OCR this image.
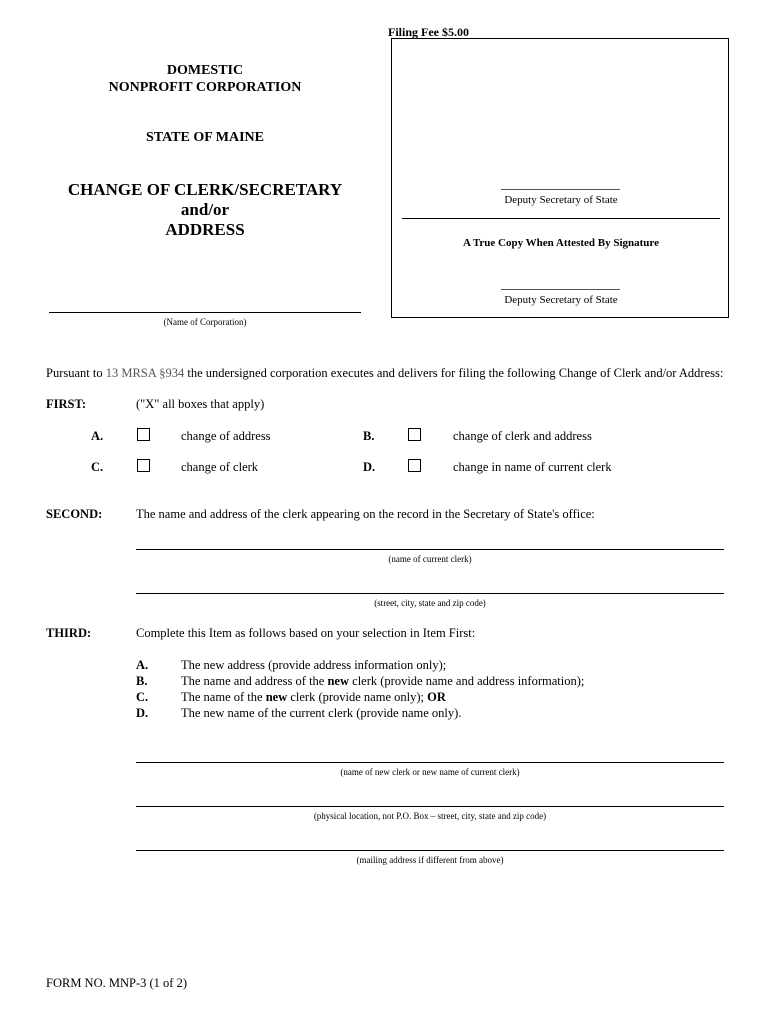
Filing Fee $5.00
DOMESTIC
NONPROFIT CORPORATION
STATE OF MAINE
CHANGE OF CLERK/SECRETARY
and/or
ADDRESS
Deputy Secretary of State
A True Copy When Attested By Signature
Deputy Secretary of State
(Name of Corporation)
Pursuant to 13 MRSA §934 the undersigned corporation executes and delivers for filing the following Change of Clerk and/or Address:
FIRST:	("X" all boxes that apply)
A.	change of address	B.	change of clerk and address
C.	change of clerk	D.	change in name of current clerk
SECOND:	The name and address of the clerk appearing on the record in the Secretary of State's office:
(name of current clerk)
(street, city, state and zip code)
THIRD:	Complete this Item as follows based on your selection in Item First:
A.	The new address (provide address information only);
B.	The name and address of the new clerk (provide name and address information);
C.	The name of the new clerk (provide name only); OR
D.	The new name of the current clerk (provide name only).
(name of new clerk or new name of current clerk)
(physical location, not P.O. Box – street, city, state and zip code)
(mailing address if different from above)
FORM NO. MNP-3 (1 of 2)
